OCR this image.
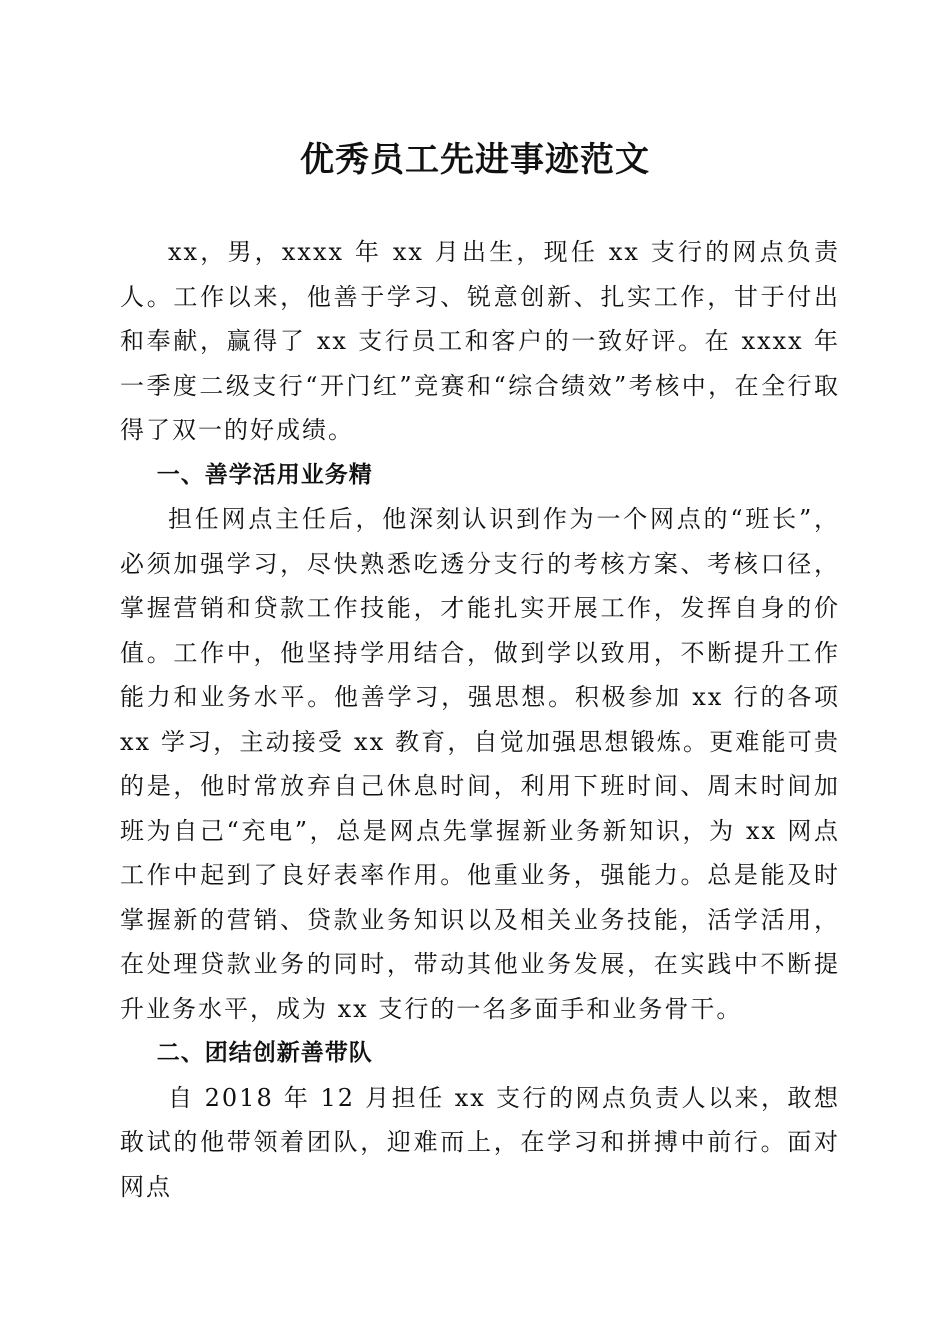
优秀员工先进事迹范文

xx，男，xxxx 年 xx 月出生，现任 xx 支行的网点负责人。工作以来，他善于学习、锐意创新、扎实工作，甘于付出和奉献，赢得了 xx 支行员工和客户的一致好评。在 xxxx 年一季度二级支行“开门红”竞赛和“综合绩效”考核中，在全行取得了双一的好成绩。

一、善学活用业务精

担任网点主任后，他深刻认识到作为一个网点的“班长”，必须加强学习，尽快熟悉吃透分支行的考核方案、考核口径，掌握营销和贷款工作技能，才能扎实开展工作，发挥自身的价值。工作中，他坚持学用结合，做到学以致用，不断提升工作能力和业务水平。他善学习，强思想。积极参加 xx 行的各项 xx 学习，主动接受 xx 教育，自觉加强思想锻炼。更难能可贵的是，他时常放弃自己休息时间，利用下班时间、周末时间加班为自己“充电”，总是网点先掌握新业务新知识，为 xx 网点工作中起到了良好表率作用。他重业务，强能力。总是能及时掌握新的营销、贷款业务知识以及相关业务技能，活学活用，在处理贷款业务的同时，带动其他业务发展，在实践中不断提升业务水平，成为 xx 支行的一名多面手和业务骨干。

二、团结创新善带队

自 2018 年 12 月担任 xx 支行的网点负责人以来，敢想敢试的他带领着团队，迎难而上，在学习和拼搏中前行。面对网点
